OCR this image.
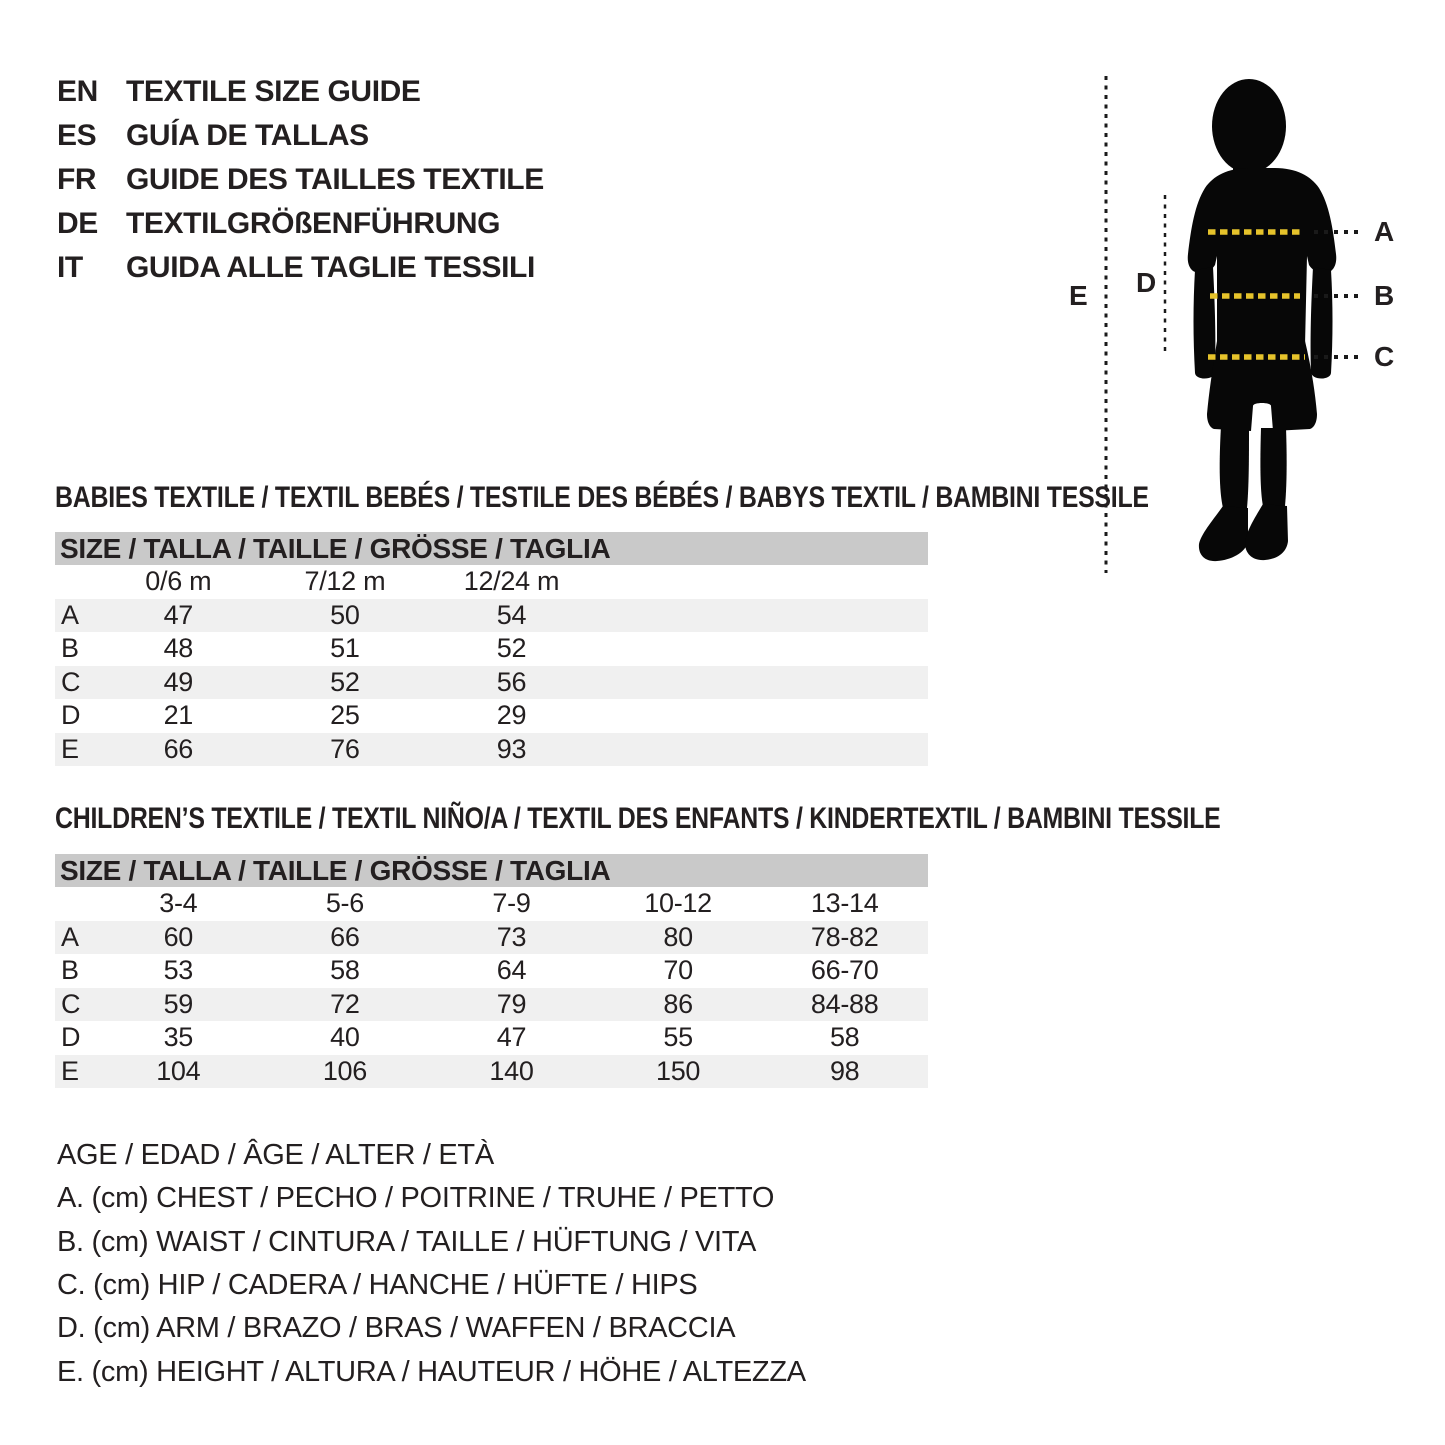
EN TEXTILE SIZE GUIDE
ES GUÍA DE TALLAS
FR GUIDE DES TAILLES TEXTILE
DE TEXTILGRÖßENFÜHRUNG
IT	GUIDA ALLE TAGLIE TESSILI
A
B
C
D
E
BABIES TEXTILE / TEXTIL BEBÉS / TESTILE DES BÉBÉS / BABYS TEXTIL / BAMBINI TESSILE
SIZE / TALLA / TAILLE / GRÖSSE / TAGLIA
0/6 m	7/12 m	12/24 m
A	47	50	54
B	48	51	52
C	49	52	56
D	21	25	29
E	66	76	93
CHILDREN’S TEXTILE / TEXTIL NIÑO/A / TEXTIL DES ENFANTS / KINDERTEXTIL / BAMBINI TESSILE
SIZE / TALLA / TAILLE / GRÖSSE / TAGLIA
3-4	5-6	7-9	10-12	13-14
A	60	66	73	80	78-82
B	53	58	64	70	66-70
C	59	72	79	86	84-88
D	35	40	47	55	58
E	104	106	140	150	98
AGE / EDAD / ÂGE / ALTER / ETÀ
A. (cm) CHEST / PECHO / POITRINE / TRUHE / PETTO
B. (cm) WAIST / CINTURA / TAILLE / HÜFTUNG / VITA
C. (cm) HIP / CADERA / HANCHE / HÜFTE / HIPS
D. (cm) ARM / BRAZO / BRAS / WAFFEN / BRACCIA
E. (cm) HEIGHT / ALTURA / HAUTEUR / HÖHE / ALTEZZA
